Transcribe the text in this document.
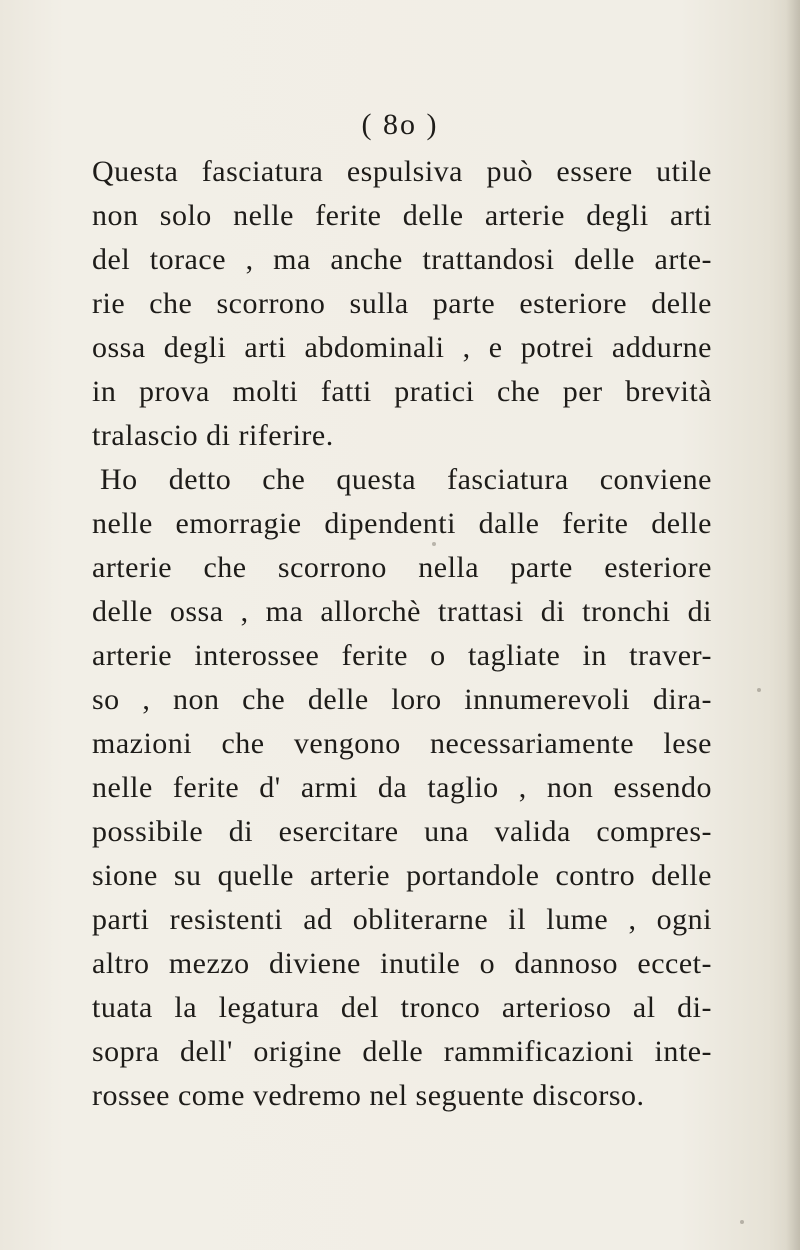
( 8o )
Questa fasciatura espulsiva può essere utile
non solo nelle ferite delle arterie degli arti
del torace , ma anche trattandosi delle arte-
rie che scorrono sulla parte esteriore delle
ossa degli arti abdominali , e potrei addurne
in prova molti fatti pratici che per brevità
tralascio di riferire.
Ho detto che questa fasciatura conviene
nelle emorragie dipendenti dalle ferite delle
arterie che scorrono nella parte esteriore
delle ossa , ma allorchè trattasi di tronchi di
arterie interossee ferite o tagliate in traver-
so , non che delle loro innumerevoli dira-
mazioni che vengono necessariamente lese
nelle ferite d' armi da taglio , non essendo
possibile di esercitare una valida compres-
sione su quelle arterie portandole contro delle
parti resistenti ad obliterarne il lume , ogni
altro mezzo diviene inutile o dannoso eccet-
tuata la legatura del tronco arterioso al di-
sopra dell' origine delle rammificazioni inte-
rossee come vedremo nel seguente discorso.
